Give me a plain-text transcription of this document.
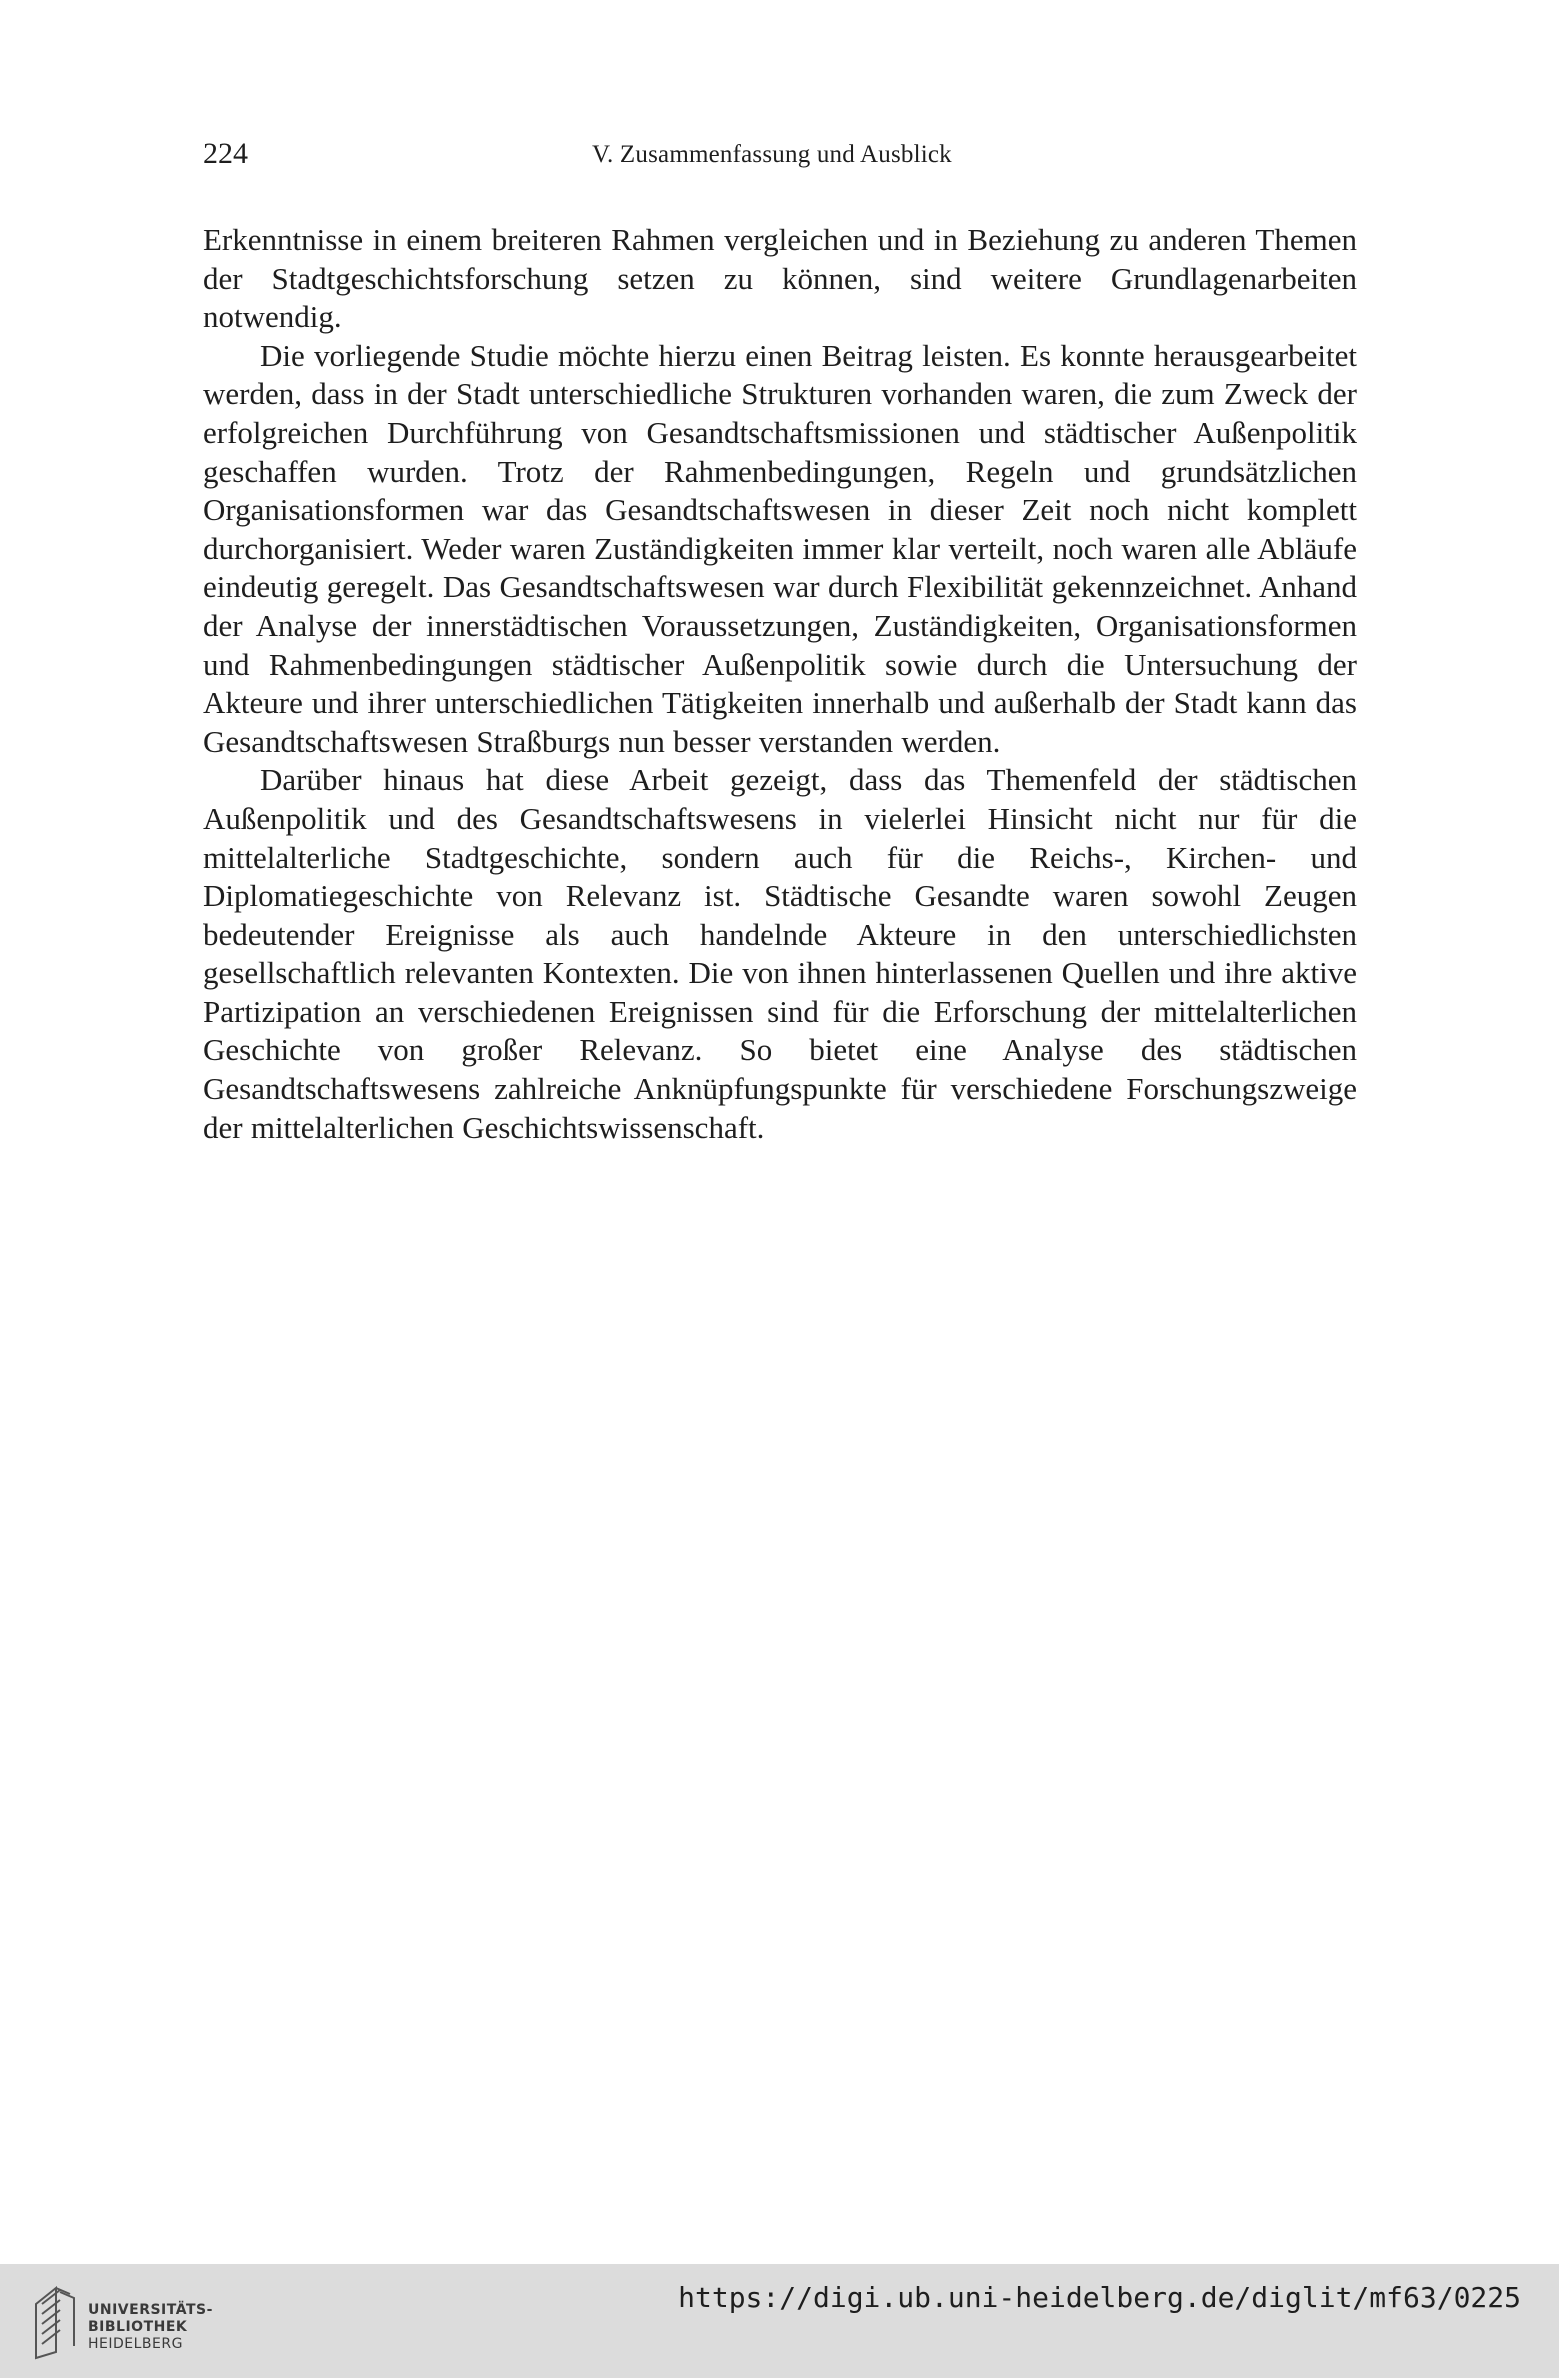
224	V. Zusammenfassung und Ausblick

Erkenntnisse in einem breiteren Rahmen vergleichen und in Beziehung zu anderen Themen der Stadtgeschichtsforschung setzen zu können, sind weitere Grundlagenarbeiten notwendig.

Die vorliegende Studie möchte hierzu einen Beitrag leisten. Es konnte herausgearbeitet werden, dass in der Stadt unterschiedliche Strukturen vorhanden waren, die zum Zweck der erfolgreichen Durchführung von Gesandtschaftsmissionen und städtischer Außenpolitik geschaffen wurden. Trotz der Rahmenbedingungen, Regeln und grundsätzlichen Organisationsformen war das Gesandtschaftswesen in dieser Zeit noch nicht komplett durchorganisiert. Weder waren Zuständigkeiten immer klar verteilt, noch waren alle Abläufe eindeutig geregelt. Das Gesandtschaftswesen war durch Flexibilität gekennzeichnet. Anhand der Analyse der innerstädtischen Voraussetzungen, Zuständigkeiten, Organisationsformen und Rahmenbedingungen städtischer Außenpolitik sowie durch die Untersuchung der Akteure und ihrer unterschiedlichen Tätigkeiten innerhalb und außerhalb der Stadt kann das Gesandtschaftswesen Straßburgs nun besser verstanden werden.

Darüber hinaus hat diese Arbeit gezeigt, dass das Themenfeld der städtischen Außenpolitik und des Gesandtschaftswesens in vielerlei Hinsicht nicht nur für die mittelalterliche Stadtgeschichte, sondern auch für die Reichs-, Kirchen- und Diplomatiegeschichte von Relevanz ist. Städtische Gesandte waren sowohl Zeugen bedeutender Ereignisse als auch handelnde Akteure in den unterschiedlichsten gesellschaftlich relevanten Kontexten. Die von ihnen hinterlassenen Quellen und ihre aktive Partizipation an verschiedenen Ereignissen sind für die Erforschung der mittelalterlichen Geschichte von großer Relevanz. So bietet eine Analyse des städtischen Gesandtschaftswesens zahlreiche Anknüpfungspunkte für verschiedene Forschungszweige der mittelalterlichen Geschichtswissenschaft.

UNIVERSITÄTS-
BIBLIOTHEK
HEIDELBERG
https://digi.ub.uni-heidelberg.de/diglit/mf63/0225
